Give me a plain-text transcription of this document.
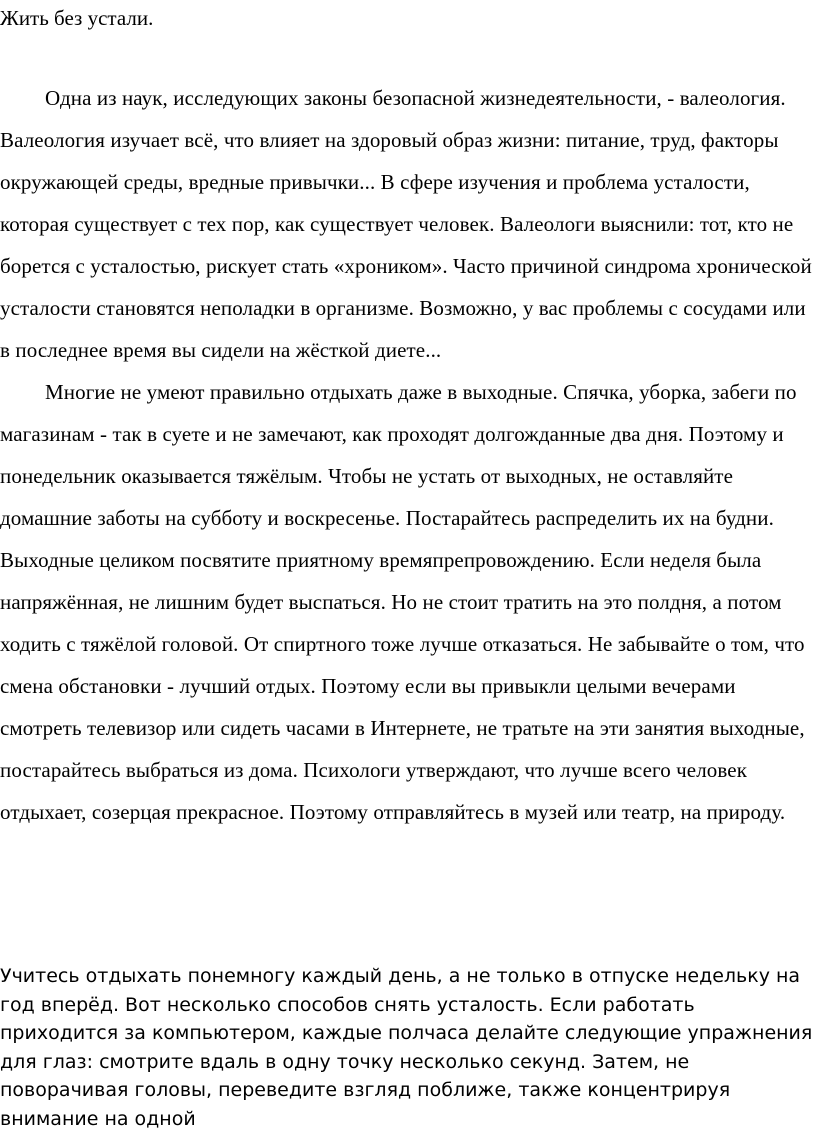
Жить без устали.

Одна из наук, исследующих законы безопасной жизнедеятельности, - валеология. Валеология изучает всё, что влияет на здоровый образ жизни: питание, труд, факторы окружающей среды, вредные привычки... В сфере изучения и проблема усталости, которая существует с тех пор, как существует человек. Валеологи выяснили: тот, кто не борется с усталостью, рискует стать «хроником». Часто причиной синдрома хронической усталости становятся неполадки в организме. Возможно, у вас проблемы с сосудами или в последнее время вы сидели на жёсткой диете...

Многие не умеют правильно отдыхать даже в выходные. Спячка, уборка, забеги по магазинам - так в суете и не замечают, как проходят долгожданные два дня. Поэтому и понедельник оказывается тяжёлым. Чтобы не устать от выходных, не оставляйте домашние заботы на субботу и воскресенье. Постарайтесь распределить их на будни. Выходные целиком посвятите приятному времяпрепровождению. Если неделя была напряжённая, не лишним будет выспаться. Но не стоит тратить на это полдня, а потом ходить с тяжёлой головой. От спиртного тоже лучше отказаться. Не забывайте о том, что смена обстановки - лучший отдых. Поэтому если вы привыкли целыми вечерами смотреть телевизор или сидеть часами в Интернете, не тратьте на эти занятия выходные, постарайтесь выбраться из дома. Психологи утверждают, что лучше всего человек отдыхает, созерцая прекрасное. Поэтому отправляйтесь в музей или театр, на природу.

Учитесь отдыхать понемногу каждый день, а не только в отпуске недельку на год вперёд. Вот несколько способов снять усталость. Если работать приходится за компьютером, каждые полчаса делайте следующие упражнения для глаз: смотрите вдаль в одну точку несколько секунд. Затем, не поворачивая головы, переведите взгляд поближе, также концентрируя внимание на одной
